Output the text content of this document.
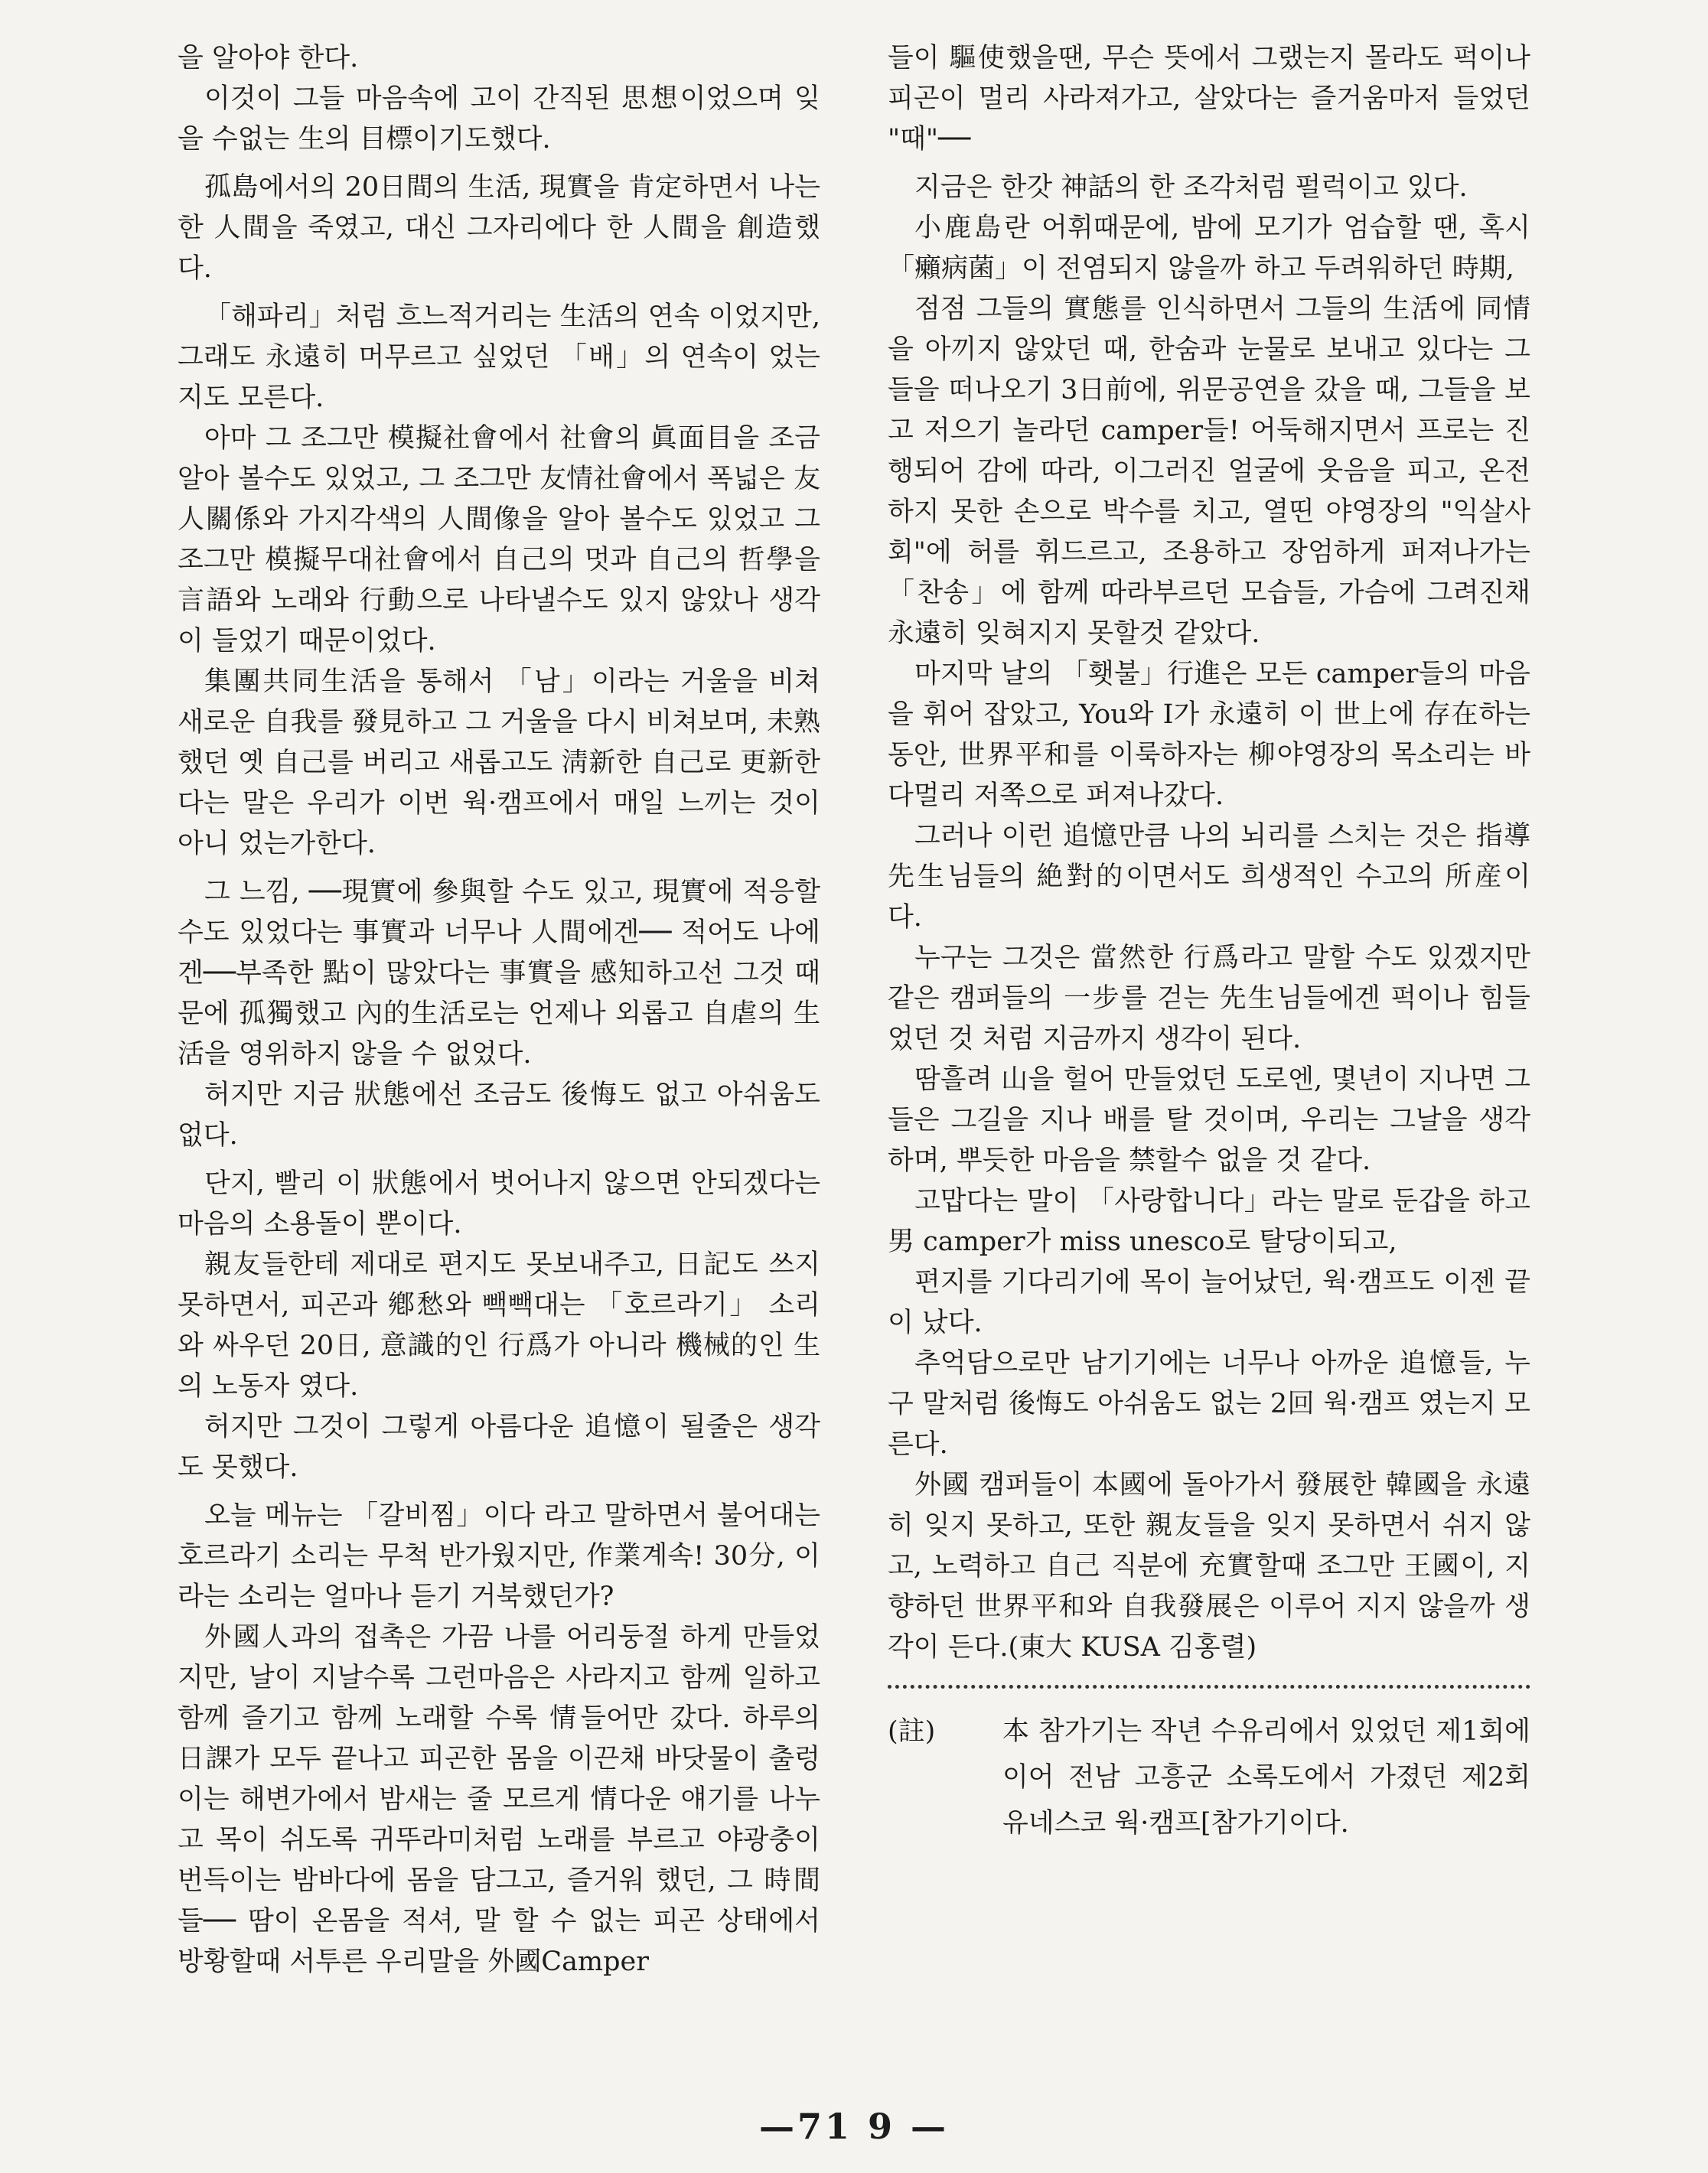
을 알아야 한다.

이것이 그들 마음속에 고이 간직된 思想이었으며 잊을 수없는 生의 目標이기도했다.

孤島에서의 20日間의 生活, 現實을 肯定하면서 나는 한 人間을 죽였고, 대신 그자리에다 한 人間을 創造했다.

「해파리」처럼 흐느적거리는 生活의 연속 이었지만, 그래도 永遠히 머무르고 싶었던 「배」의 연속이 었는지도 모른다.

아마 그 조그만 模擬社會에서 社會의 眞面目을 조금 알아 볼수도 있었고, 그 조그만 友情社會에서 폭넓은 友人關係와 가지각색의 人間像을 알아 볼수도 있었고 그 조그만 模擬무대社會에서 自己의 멋과 自己의 哲學을 言語와 노래와 行動으로 나타낼수도 있지 않았나 생각이 들었기 때문이었다.

集團共同生活을 통해서 「남」이라는 거울을 비쳐 새로운 自我를 發見하고 그 거울을 다시 비쳐보며, 未熟했던 옛 自己를 버리고 새롭고도 淸新한 自己로 更新한다는 말은 우리가 이번 웍·캠프에서 매일 느끼는 것이 아니 었는가한다.

그 느낌, ──現實에 參與할 수도 있고, 現實에 적응할 수도 있었다는 事實과 너무나 人間에겐── 적어도 나에겐──부족한 點이 많았다는 事實을 感知하고선 그것 때문에 孤獨했고 內的生活로는 언제나 외롭고 自虐의 生活을 영위하지 않을 수 없었다.

허지만 지금 狀態에선 조금도 後悔도 없고 아쉬움도 없다.

단지, 빨리 이 狀態에서 벗어나지 않으면 안되겠다는 마음의 소용돌이 뿐이다.

親友들한테 제대로 편지도 못보내주고, 日記도 쓰지 못하면서, 피곤과 鄕愁와 빽빽대는 「호르라기」 소리와 싸우던 20日, 意識的인 行爲가 아니라 機械的인 生의 노동자 였다.

허지만 그것이 그렇게 아름다운 追憶이 될줄은 생각도 못했다.

오늘 메뉴는 「갈비찜」이다 라고 말하면서 불어대는 호르라기 소리는 무척 반가웠지만, 作業계속! 30分, 이라는 소리는 얼마나 듣기 거북했던가?

外國人과의 접촉은 가끔 나를 어리둥절 하게 만들었지만, 날이 지날수록 그런마음은 사라지고 함께 일하고 함께 즐기고 함께 노래할 수록 情들어만 갔다. 하루의 日課가 모두 끝나고 피곤한 몸을 이끈채 바닷물이 출렁이는 해변가에서 밤새는 줄 모르게 情다운 얘기를 나누고 목이 쉬도록 귀뚜라미처럼 노래를 부르고 야광충이 번득이는 밤바다에 몸을 담그고, 즐거워 했던, 그 時間들── 땀이 온몸을 적셔, 말 할 수 없는 피곤 상태에서 방황할때 서투른 우리말을 外國Camper

들이 驅使했을땐, 무슨 뜻에서 그랬는지 몰라도 퍽이나 피곤이 멀리 사라져가고, 살았다는 즐거움마저 들었던 "때"──

지금은 한갓 神話의 한 조각처럼 펄럭이고 있다.

小鹿島란 어휘때문에, 밤에 모기가 엄습할 땐, 혹시 「癩病菌」이 전염되지 않을까 하고 두려워하던 時期,

점점 그들의 實態를 인식하면서 그들의 生活에 同情을 아끼지 않았던 때, 한숨과 눈물로 보내고 있다는 그들을 떠나오기 3日前에, 위문공연을 갔을 때, 그들을 보고 저으기 놀라던 camper들! 어둑해지면서 프로는 진행되어 감에 따라, 이그러진 얼굴에 웃음을 피고, 온전하지 못한 손으로 박수를 치고, 열띤 야영장의 "익살사회"에 허를 휘드르고, 조용하고 장엄하게 퍼져나가는 「찬송」에 함께 따라부르던 모습들, 가슴에 그려진채 永遠히 잊혀지지 못할것 같았다.

마지막 날의 「횃불」行進은 모든 camper들의 마음을 휘어 잡았고, You와 I가 永遠히 이 世上에 存在하는 동안, 世界平和를 이룩하자는 柳야영장의 목소리는 바다멀리 저쪽으로 퍼져나갔다.

그러나 이런 追憶만큼 나의 뇌리를 스치는 것은 指導先生님들의 絶對的이면서도 희생적인 수고의 所産이다.

누구는 그것은 當然한 行爲라고 말할 수도 있겠지만 같은 캠퍼들의 一步를 걷는 先生님들에겐 퍽이나 힘들었던 것 처럼 지금까지 생각이 된다.

땀흘려 山을 헐어 만들었던 도로엔, 몇년이 지나면 그들은 그길을 지나 배를 탈 것이며, 우리는 그날을 생각하며, 뿌듯한 마음을 禁할수 없을 것 같다.

고맙다는 말이 「사랑합니다」라는 말로 둔갑을 하고 男 camper가 miss unesco로 탈당이되고,

편지를 기다리기에 목이 늘어났던, 웍·캠프도 이젠 끝이 났다.

추억담으로만 남기기에는 너무나 아까운 追憶들, 누구 말처럼 後悔도 아쉬움도 없는 2回 웍·캠프 였는지 모른다.

外國 캠퍼들이 本國에 돌아가서 發展한 韓國을 永遠히 잊지 못하고, 또한 親友들을 잊지 못하면서 쉬지 않고, 노력하고 自己 직분에 充實할때 조그만 王國이, 지향하던 世界平和와 自我發展은 이루어 지지 않을까 생각이 든다.(東大 KUSA 김홍렬)

(註)	本 참가기는 작년 수유리에서 있었던 제1회에 이어 전남 고흥군 소록도에서 가졌던 제2회 유네스코 웍·캠프[참가기이다.
—71 9 —
